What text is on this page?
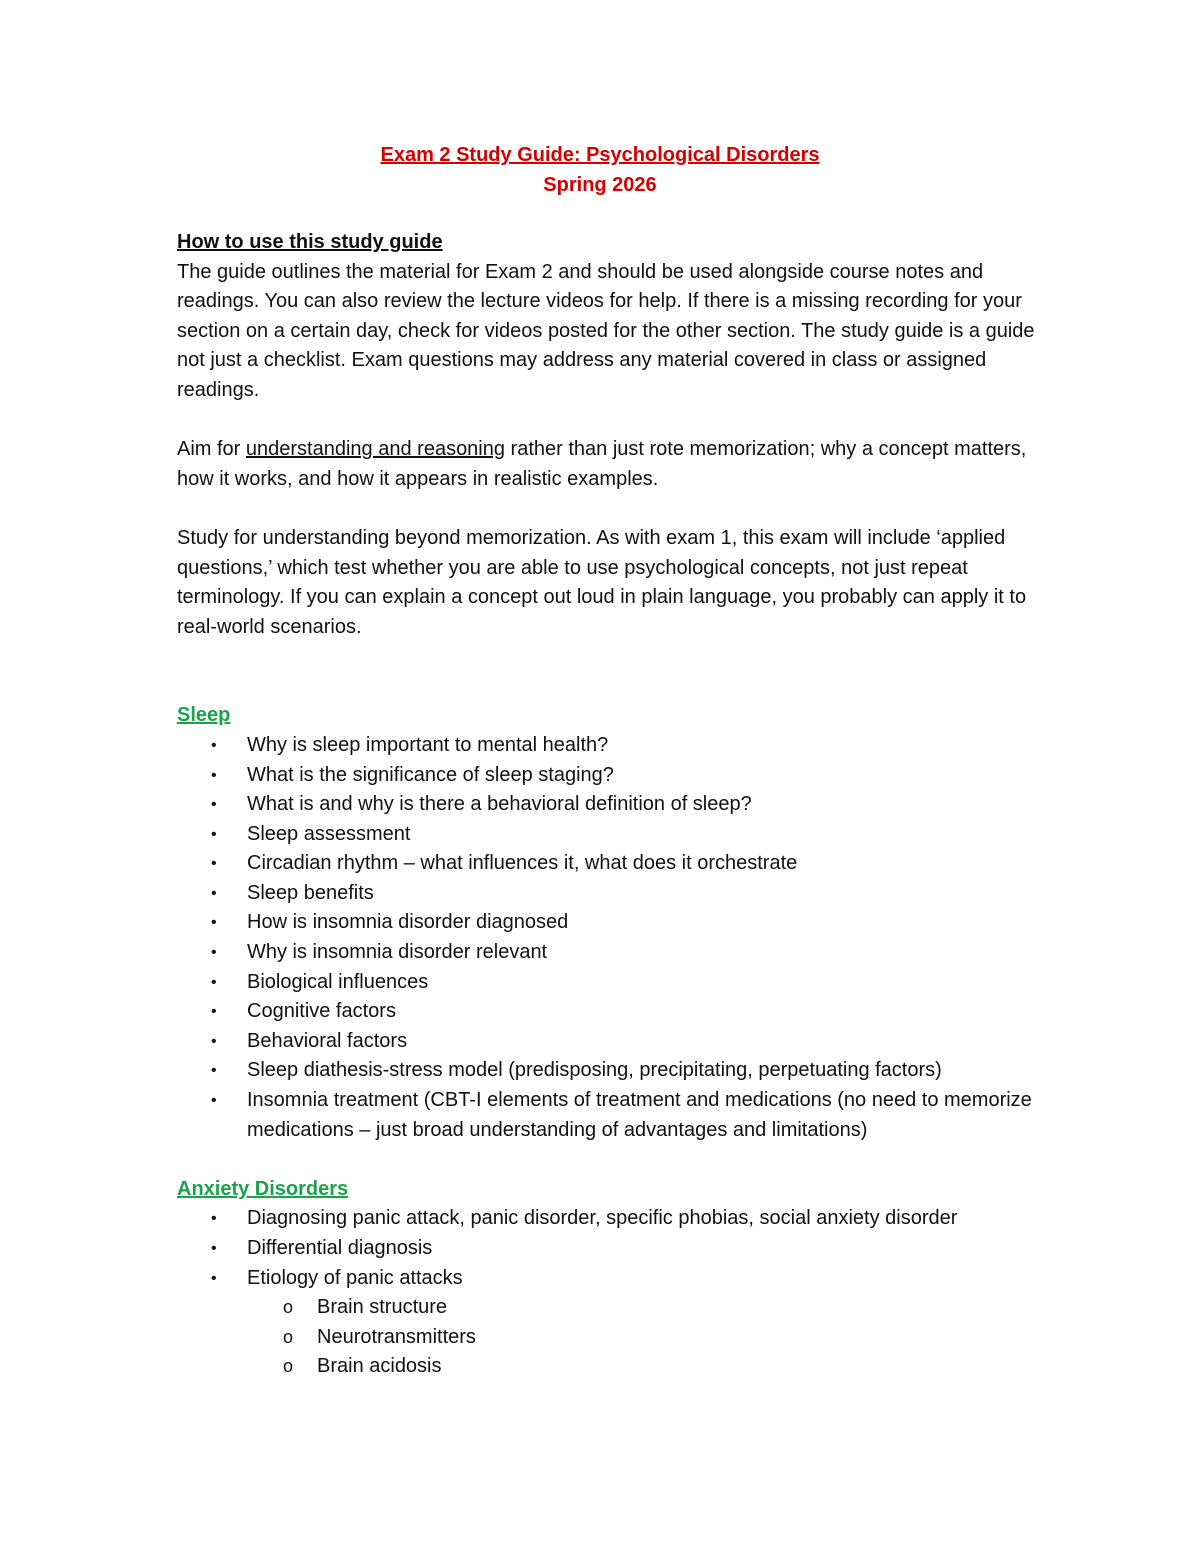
Exam 2 Study Guide: Psychological Disorders
Spring 2026
How to use this study guide

The guide outlines the material for Exam 2 and should be used alongside course notes and readings. You can also review the lecture videos for help. If there is a missing recording for your section on a certain day, check for videos posted for the other section. The study guide is a guide not just a checklist. Exam questions may address any material covered in class or assigned readings.

Aim for understanding and reasoning rather than just rote memorization; why a concept matters, how it works, and how it appears in realistic examples.

Study for understanding beyond memorization. As with exam 1, this exam will include ‘applied questions,’ which test whether you are able to use psychological concepts, not just repeat terminology. If you can explain a concept out loud in plain language, you probably can apply it to real-world scenarios.

Sleep
• Why is sleep important to mental health?
• What is the significance of sleep staging?
• What is and why is there a behavioral definition of sleep?
• Sleep assessment
• Circadian rhythm – what influences it, what does it orchestrate
• Sleep benefits
• How is insomnia disorder diagnosed
• Why is insomnia disorder relevant
• Biological influences
• Cognitive factors
• Behavioral factors
• Sleep diathesis-stress model (predisposing, precipitating, perpetuating factors)
• Insomnia treatment (CBT-I elements of treatment and medications (no need to memorize medications – just broad understanding of advantages and limitations)
Anxiety Disorders
• Diagnosing panic attack, panic disorder, specific phobias, social anxiety disorder
• Differential diagnosis
• Etiology of panic attacks
o Brain structure
o Neurotransmitters
o Brain acidosis
